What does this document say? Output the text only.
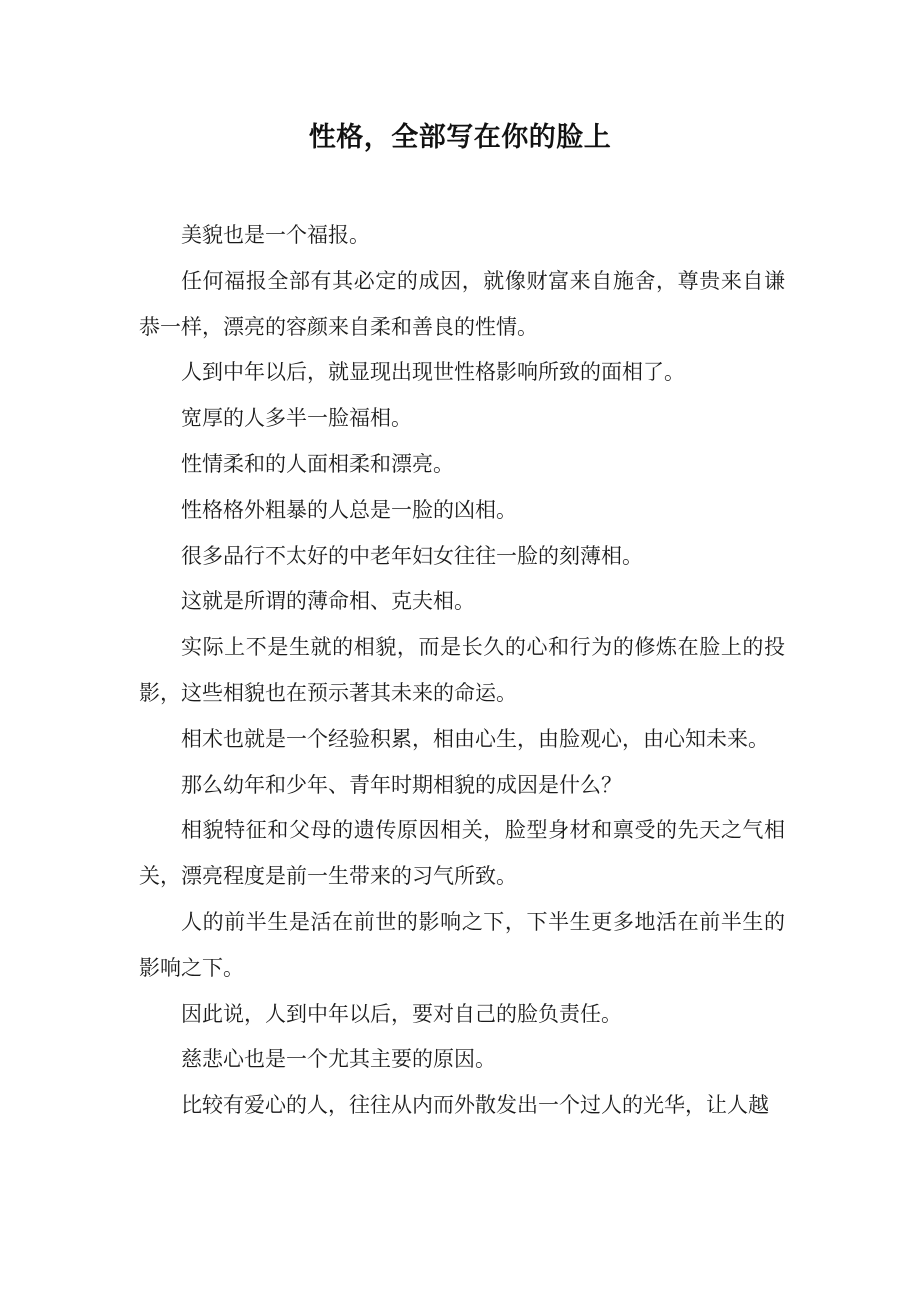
性格，全部写在你的脸上

美貌也是一个福报。

任何福报全部有其必定的成因，就像财富来自施舍，尊贵来自谦恭一样，漂亮的容颜来自柔和善良的性情。

人到中年以后，就显现出现世性格影响所致的面相了。

宽厚的人多半一脸福相。

性情柔和的人面相柔和漂亮。

性格格外粗暴的人总是一脸的凶相。

很多品行不太好的中老年妇女往往一脸的刻薄相。

这就是所谓的薄命相、克夫相。

实际上不是生就的相貌，而是长久的心和行为的修炼在脸上的投影，这些相貌也在预示著其未来的命运。

相术也就是一个经验积累，相由心生，由脸观心，由心知未来。

那么幼年和少年、青年时期相貌的成因是什么？

相貌特征和父母的遗传原因相关，脸型身材和禀受的先天之气相关，漂亮程度是前一生带来的习气所致。

人的前半生是活在前世的影响之下，下半生更多地活在前半生的影响之下。

因此说，人到中年以后，要对自己的脸负责任。

慈悲心也是一个尤其主要的原因。

比较有爱心的人，往往从内而外散发出一个过人的光华，让人越
